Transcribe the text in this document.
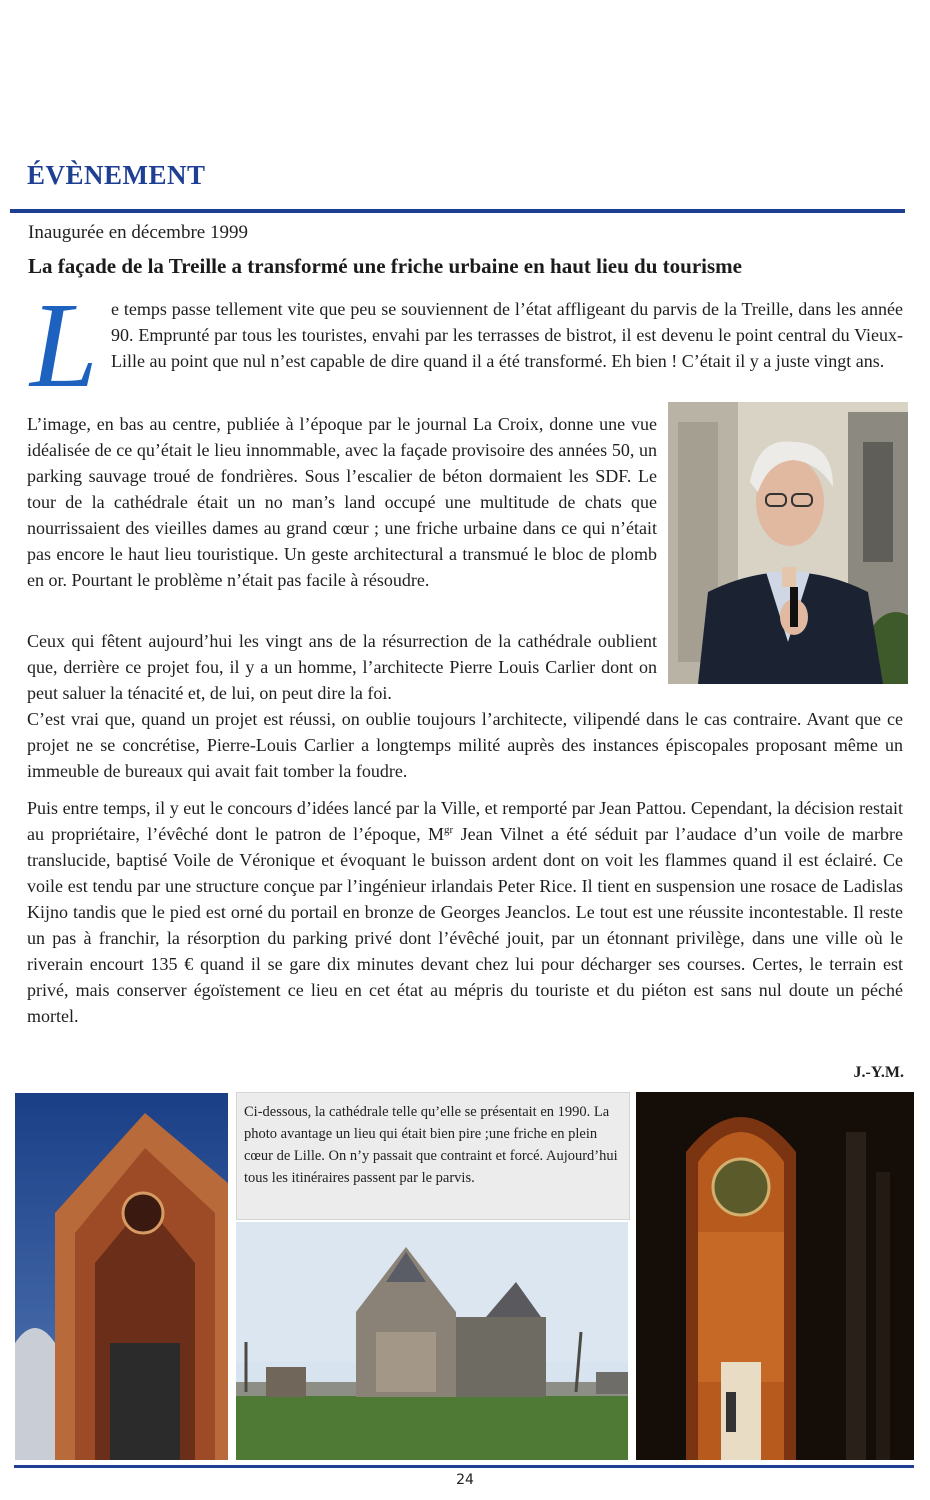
ÉVÈNEMENT
Inaugurée en décembre 1999
La façade de la Treille a transformé une friche urbaine en haut lieu du tourisme
L e temps passe tellement vite que peu se souviennent de l’état affligeant du parvis de la Treille, dans les année 90. Emprunté par tous les touristes, envahi par les terrasses de bistrot, il est devenu le point central du Vieux-Lille au point que nul n’est capable de dire quand il a été transformé. Eh bien ! C’était il y a juste vingt ans.

L’image, en bas au centre, publiée à l’époque par le journal La Croix, donne une vue idéalisée de ce qu’était le lieu innommable, avec la façade provisoire des années 50, un parking sauvage troué de fondrières. Sous l’escalier de béton dormaient les SDF. Le tour de la cathédrale était un no man’s land occupé une multitude de chats que nourrissaient des vieilles dames au grand cœur ; une friche urbaine dans ce qui n’était pas encore le haut lieu touristique. Un geste architectural a transmué le bloc de plomb en or. Pourtant le problème n’était pas facile à résoudre.

Ceux qui fêtent aujourd’hui les vingt ans de la résurrection de la cathédrale oublient que, derrière ce projet fou, il y a un homme, l’architecte Pierre Louis Carlier dont on peut saluer la ténacité et, de lui, on peut dire la foi.

C’est vrai que, quand un projet est réussi, on oublie toujours l’architecte, vilipendé dans le cas contraire. Avant que ce projet ne se concrétise, Pierre-Louis Carlier a longtemps milité auprès des instances épiscopales proposant même un immeuble de bureaux qui avait fait tomber la foudre.

Puis entre temps, il y eut le concours d’idées lancé par la Ville, et remporté par Jean Pattou. Cependant, la décision restait au propriétaire, l’évêché dont le patron de l’époque, $M^{gr}$ Jean Vilnet a été séduit par l’audace d’un voile de marbre translucide, baptisé Voile de Véronique et évoquant le buisson ardent dont on voit les flammes quand il est éclairé. Ce voile est tendu par une structure conçue par l’ingénieur irlandais Peter Rice. Il tient en suspension une rosace de Ladislas Kijno tandis que le pied est orné du portail en bronze de Georges Jeanclos. Le tout est une réussite incontestable. Il reste un pas à franchir, la résorption du parking privé dont l’évêché jouit, par un étonnant privilège, dans une ville où le riverain encourt 135 € quand il se gare dix minutes devant chez lui pour décharger ses courses. Certes, le terrain est privé, mais conserver égoïstement ce lieu en cet état au mépris du touriste et du piéton est sans nul doute un péché mortel.

J.-Y.M.

Ci-dessous, la cathédrale telle qu’elle se présentait en 1990. La photo avantage un lieu qui était bien pire ;une friche en plein cœur de Lille. On n’y passait que contraint et forcé. Aujourd’hui tous les itinéraires passent par le parvis.

24
